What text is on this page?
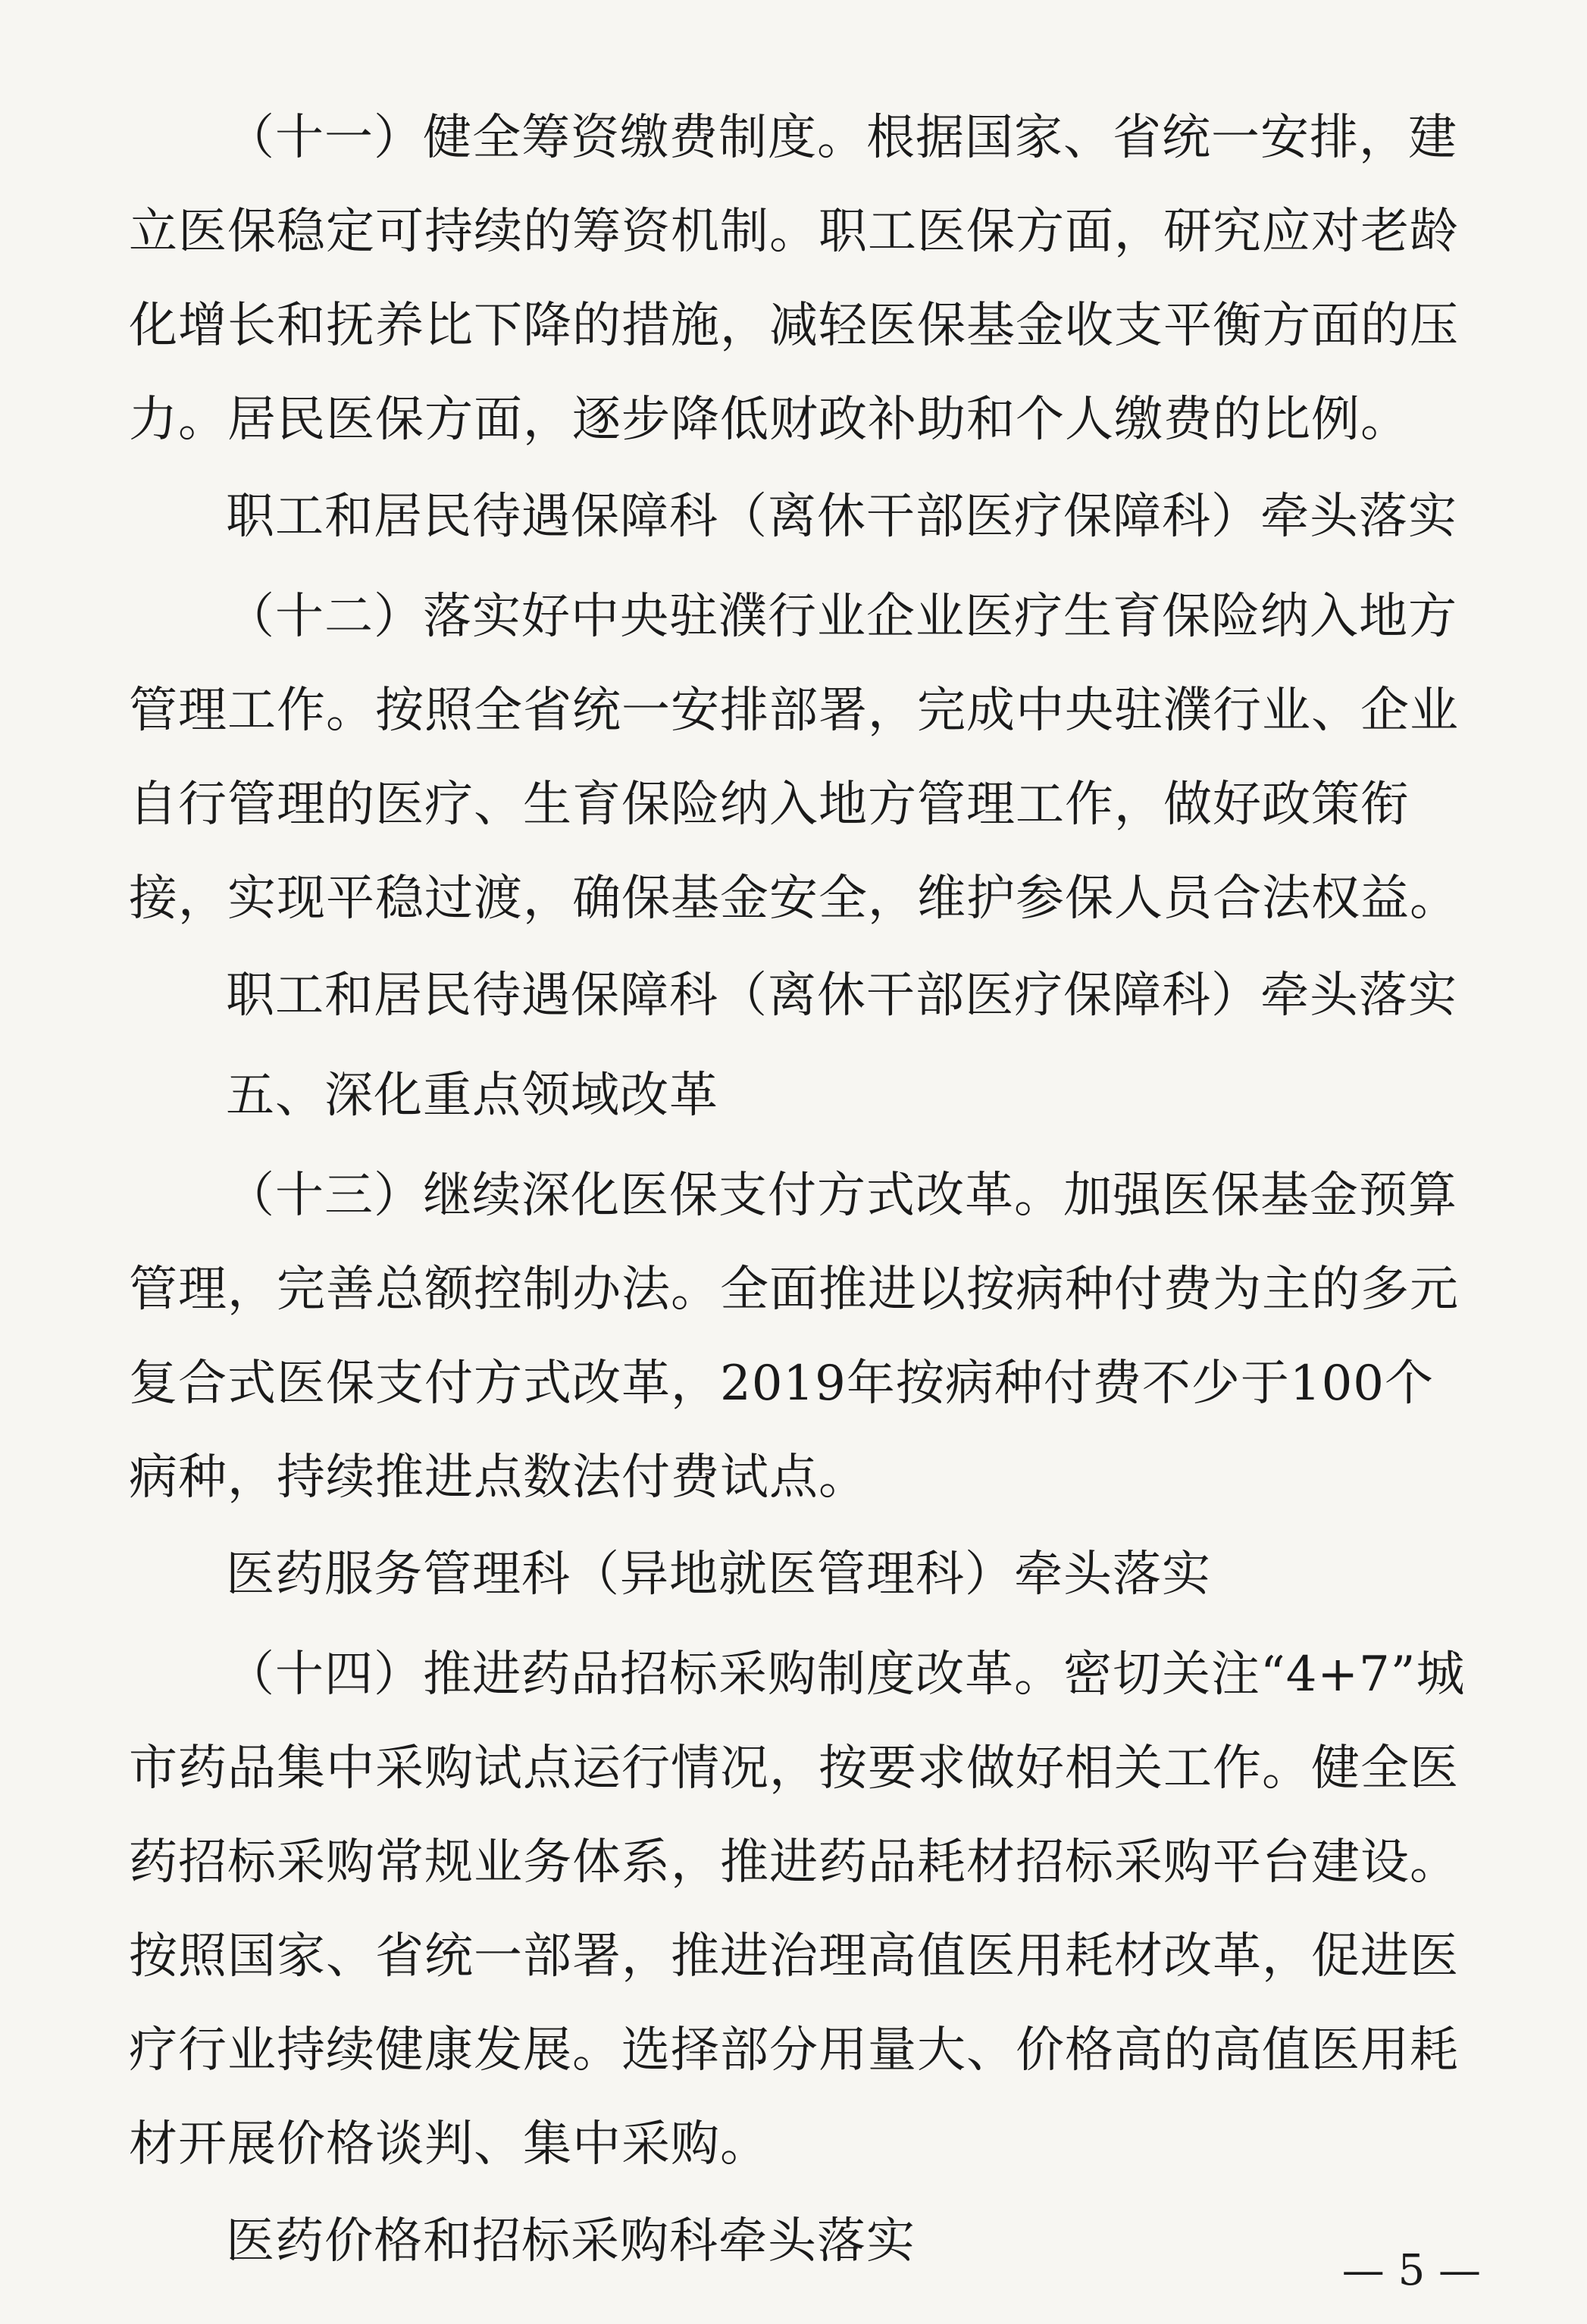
（十一）健全筹资缴费制度。根据国家、省统一安排，建立医保稳定可持续的筹资机制。职工医保方面，研究应对老龄化增长和抚养比下降的措施，减轻医保基金收支平衡方面的压力。居民医保方面，逐步降低财政补助和个人缴费的比例。

职工和居民待遇保障科（离休干部医疗保障科）牵头落实

（十二）落实好中央驻濮行业企业医疗生育保险纳入地方管理工作。按照全省统一安排部署，完成中央驻濮行业、企业自行管理的医疗、生育保险纳入地方管理工作，做好政策衔接，实现平稳过渡，确保基金安全，维护参保人员合法权益。

职工和居民待遇保障科（离休干部医疗保障科）牵头落实
五、深化重点领域改革

（十三）继续深化医保支付方式改革。加强医保基金预算管理，完善总额控制办法。全面推进以按病种付费为主的多元复合式医保支付方式改革，2019年按病种付费不少于100个病种，持续推进点数法付费试点。

医药服务管理科（异地就医管理科）牵头落实

（十四）推进药品招标采购制度改革。密切关注“4+7”城市药品集中采购试点运行情况，按要求做好相关工作。健全医药招标采购常规业务体系，推进药品耗材招标采购平台建设。按照国家、省统一部署，推进治理高值医用耗材改革，促进医疗行业持续健康发展。选择部分用量大、价格高的高值医用耗材开展价格谈判、集中采购。

医药价格和招标采购科牵头落实
— 5 —
